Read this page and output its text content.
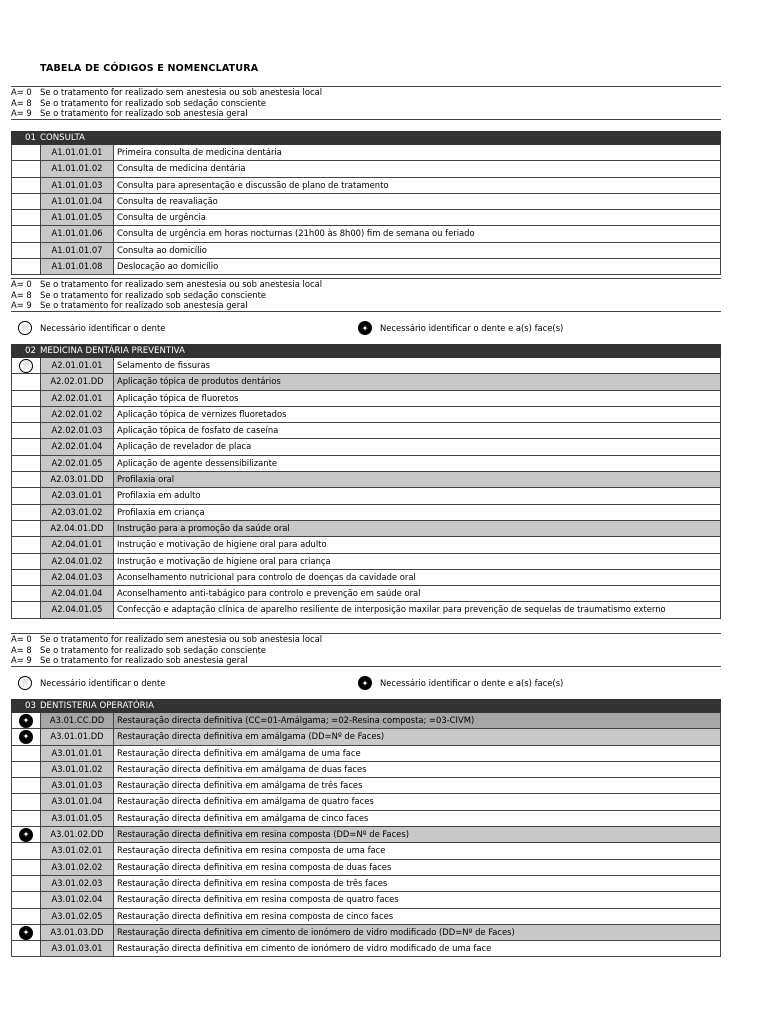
TABELA DE CÓDIGOS E NOMENCLATURA
A= 0 Se o tratamento for realizado sem anestesia ou sob anestesia local
A= 8 Se o tratamento for realizado sob sedação consciente
A= 9 Se o tratamento for realizado sob anestesia geral
01 CONSULTA
A1.01.01.01	Primeira consulta de medicina dentária
A1.01.01.02	Consulta de medicina dentária
A1.01.01.03	Consulta para apresentação e discussão de plano de tratamento
A1.01.01.04	Consulta de reavaliação
A1.01.01.05	Consulta de urgência
A1.01.01.06	Consulta de urgência em horas nocturnas (21h00 às 8h00) fim de semana ou feriado
A1.01.01.07	Consulta ao domicílio
A1.01.01.08	Deslocação ao domicílio
A= 0 Se o tratamento for realizado sem anestesia ou sob anestesia local
A= 8 Se o tratamento for realizado sob sedação consciente
A= 9 Se o tratamento for realizado sob anestesia geral
🦷 Necessário identificar o dente	✦	Necessário identificar o dente e a(s) face(s)
02 MEDICINA DENTÁRIA PREVENTIVA
🦷	A2.01.01.01	Selamento de fissuras
A2.02.01.DD	Aplicação tópica de produtos dentários
A2.02.01.01	Aplicação tópica de fluoretos
A2.02.01.02	Aplicação tópica de vernizes fluoretados
A2.02.01.03	Aplicação tópica de fosfato de caseína
A2.02.01.04	Aplicação de revelador de placa
A2.02.01.05	Aplicação de agente dessensibilizante
A2.03.01.DD	Profilaxia oral
A2.03.01.01	Profilaxia em adulto
A2.03.01.02	Profilaxia em criança
A2.04.01.DD	Instrução para a promoção da saúde oral
A2.04.01.01	Instrução e motivação de higiene oral para adulto
A2.04.01.02	Instrução e motivação de higiene oral para criança
A2.04.01.03	Aconselhamento nutricional para controlo de doenças da cavidade oral
A2.04.01.04	Aconselhamento anti-tabágico para controlo e prevenção em saúde oral
A2.04.01.05	Confecção e adaptação clínica de aparelho resiliente de interposição maxilar para prevenção de sequelas de traumatismo externo
A= 0 Se o tratamento for realizado sem anestesia ou sob anestesia local
A= 8 Se o tratamento for realizado sob sedação consciente
A= 9 Se o tratamento for realizado sob anestesia geral
🦷 Necessário identificar o dente	✦	Necessário identificar o dente e a(s) face(s)
03 DENTISTERIA OPERATÓRIA
✦	A3.01.CC.DD	Restauração directa definitiva (CC=01-Amálgama; =02-Resina composta; =03-CIVM)
✦	A3.01.01.DD	Restauração directa definitiva em amálgama (DD=Nº de Faces)
A3.01.01.01	Restauração directa definitiva em amálgama de uma face
A3.01.01.02	Restauração directa definitiva em amálgama de duas faces
A3.01.01.03	Restauração directa definitiva em amálgama de três faces
A3.01.01.04	Restauração directa definitiva em amálgama de quatro faces
A3.01.01.05	Restauração directa definitiva em amálgama de cinco faces
✦	A3.01.02.DD	Restauração directa definitiva em resina composta (DD=Nº de Faces)
A3.01.02.01	Restauração directa definitiva em resina composta de uma face
A3.01.02.02	Restauração directa definitiva em resina composta de duas faces
A3.01.02.03	Restauração directa definitiva em resina composta de três faces
A3.01.02.04	Restauração directa definitiva em resina composta de quatro faces
A3.01.02.05	Restauração directa definitiva em resina composta de cinco faces
✦	A3.01.03.DD	Restauração directa definitiva em cimento de ionómero de vidro modificado (DD=Nº de Faces)
A3.01.03.01	Restauração directa definitiva em cimento de ionómero de vidro modificado de uma face
